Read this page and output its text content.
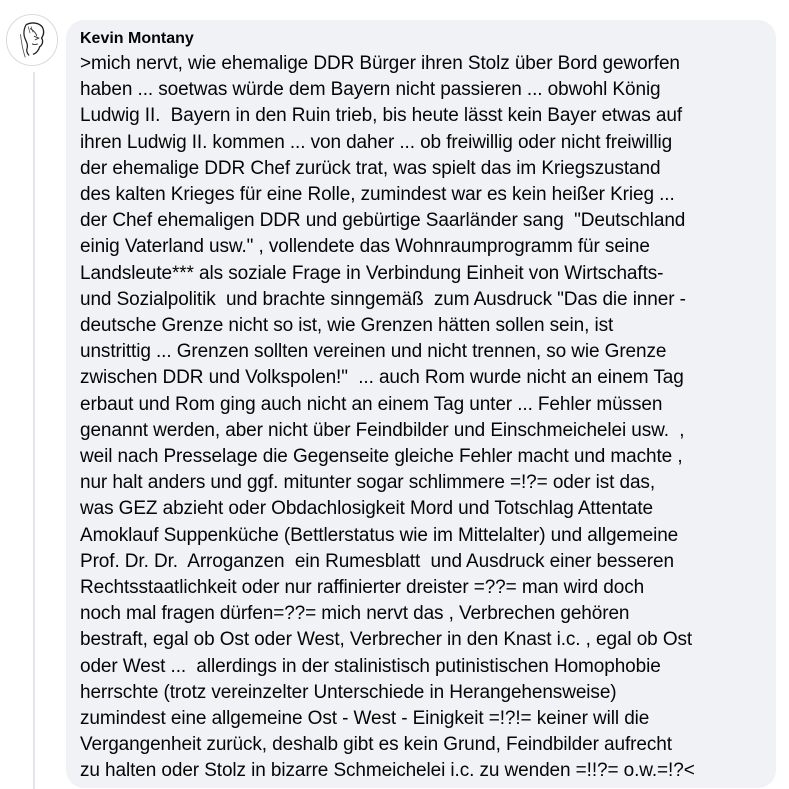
Kevin Montany
>mich nervt, wie ehemalige DDR Bürger ihren Stolz über Bord geworfen
haben ... soetwas würde dem Bayern nicht passieren ... obwohl König
Ludwig II.  Bayern in den Ruin trieb, bis heute lässt kein Bayer etwas auf
ihren Ludwig II. kommen ... von daher ... ob freiwillig oder nicht freiwillig
der ehemalige DDR Chef zurück trat, was spielt das im Kriegszustand
des kalten Krieges für eine Rolle, zumindest war es kein heißer Krieg ...
der Chef ehemaligen DDR und gebürtige Saarländer sang  "Deutschland
einig Vaterland usw." , vollendete das Wohnraumprogramm für seine
Landsleute*** als soziale Frage in Verbindung Einheit von Wirtschafts-
und Sozialpolitik  und brachte sinngemäß  zum Ausdruck "Das die inner -
deutsche Grenze nicht so ist, wie Grenzen hätten sollen sein, ist
unstrittig ... Grenzen sollten vereinen und nicht trennen, so wie Grenze
zwischen DDR und Volkspolen!"  ... auch Rom wurde nicht an einem Tag
erbaut und Rom ging auch nicht an einem Tag unter ... Fehler müssen
genannt werden, aber nicht über Feindbilder und Einschmeichelei usw.  ,
weil nach Presselage die Gegenseite gleiche Fehler macht und machte ,
nur halt anders und ggf. mitunter sogar schlimmere =!?= oder ist das,
was GEZ abzieht oder Obdachlosigkeit Mord und Totschlag Attentate
Amoklauf Suppenküche (Bettlerstatus wie im Mittelalter) und allgemeine
Prof. Dr. Dr.  Arroganzen  ein Rumesblatt  und Ausdruck einer besseren
Rechtsstaatlichkeit oder nur raffinierter dreister =??= man wird doch
noch mal fragen dürfen=??= mich nervt das , Verbrechen gehören
bestraft, egal ob Ost oder West, Verbrecher in den Knast i.c. , egal ob Ost
oder West ...  allerdings in der stalinistisch putinistischen Homophobie
herrschte (trotz vereinzelter Unterschiede in Herangehensweise)
zumindest eine allgemeine Ost - West - Einigkeit =!?!= keiner will die
Vergangenheit zurück, deshalb gibt es kein Grund, Feindbilder aufrecht
zu halten oder Stolz in bizarre Schmeichelei i.c. zu wenden =!!?= o.w.=!?<
